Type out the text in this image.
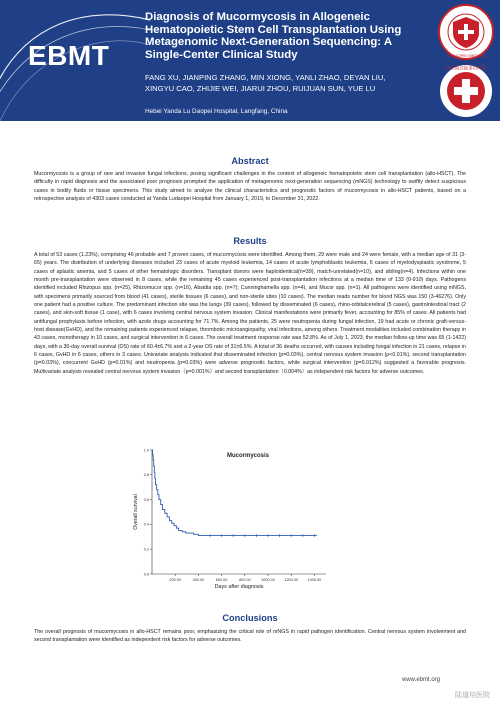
EBMT
Diagnosis of Mucormycosis in Allogeneic Hematopoietic Stem Cell Transplantation Using Metagenomic Next-Generation Sequencing: A Single-Center Clinical Study
FANG XU, JIANPING ZHANG, MIN XIONG, YANLI ZHAO, DEYAN LIU, XINGYU CAO, ZHIJIE WEI, JIARUI ZHOU, RUIJUAN SUN, YUE LU
Hebei Yanda Lu Daopei Hospital, Langfang, China
LU DAOPEI MEDICAL
河北燕达陆道培医院
Abstract
Mucormycosis is a group of rare and invasive fungal infections, posing significant challenges in the context of allogeneic hematopoietic stem cell transplantation (allo-HSCT). The difficulty in rapid diagnosis and the associated poor prognosis prompted the application of metagenomic next-generation sequencing (mNGS) technology to swiftly detect suspicious cases in bodily fluids or tissue specimens. This study aimed to analyze the clinical characteristics and prognostic factors of mucormycosis in allo-HSCT patients, based on a retrospective analysis of 4303 cases conducted at Yanda Ludaopei Hospital from January 1, 2019, to December 31, 2022.
Results
A total of 53 cases (1.23%), comprising 46 probable and 7 proven cases, of mucormycosis were identified. Among them, 29 were male and 24 were female, with a median age of 31 (3-65) years. The distribution of underlying diseases included 23 cases of acute myeloid leukemia, 14 cases of acute lymphoblastic leukemia, 6 cases of myelodysplastic syndrome, 5 cases of aplastic anemia, and 5 cases of other hematologic disorders. Transplant donors were haploidentical(n=39), match-unrelated(n=10), and sibling(n=4). Infections within one month pre-transplantation were observed in 8 cases, while the remaining 45 cases experienced post-transplantation infections at a median time of 133 (0-910) days. Pathogens identified included Rhizopus spp. (n=25), Rhizomucor spp. (n=16), Absidia spp. (n=7); Cunninghamella spp. (n=4), and Mucor spp. (n=1). All pathogens were identified using mNGS, with specimens primarily sourced from blood (41 cases), sterile tissues (6 cases), and non-sterile sites (10 cases). The median reads number for blood NGS was 150 (3-46276). Only one patient had a positive culture. The predominant infection site was the lungs (39 cases), followed by disseminated (6 cases), rhino-orbitalcerebral (5 cases), gastrointestinal tract (2 cases), and skin-soft tissue (1 case), with 6 cases involving central nervous system invasion. Clinical manifestations were primarily fever, accounting for 85% of cases. All patients had antifungal prophylaxis before infection, with azole drugs accounting for 71.7%. Among the patients, 25 were neutropenia during fungal infection, 19 had acute or chronic graft-versus-host disease(GvHD), and the remaining patients experienced relapse, thrombotic microangiopathy, viral infections, among others. Treatment modalities included combination therapy in 43 cases, monotherapy in 10 cases, and surgical intervention in 6 cases. The overall treatment response rate was 52.8%. As of July 1, 2023, the median follow-up time was 65 (1-1422) days, with a 30-day overall survival (OS) rate of 60.4±6.7% and a 2-year OS rate of 31±6.5%. A total of 36 deaths occurred, with causes including fungal infection in 21 cases, relapse in 6 cases, GvHD in 6 cases, others in 3 cases. Univariate analysis indicated that disseminated infection (p=0.03%), central nervous system invasion (p<0.01%), second transplantation (p=0.03%), concurrent GvHD (p=0.01%) and neutropenia (p=0.03%) were adverse prognostic factors, while surgical intervention (p=0.012%) suggested a favorable prognosis. Multivariate analysis revealed central nervous system invasion（p=0.001%）and second transplantation（0.004%）as independent risk factors for adverse outcomes.
Mucormycosis
200.00	400.00	600.00	800.00	1000.00 1200.00 1400.00
0.0
0.2
0.4
0.6
0.8
1.0
Overall survival
Days after diagnosis
Conclusions
The overall prognosis of mucormycosis in allo-HSCT remains poor, emphasizing the critical role of mNGS in rapid pathogen identification. Central nervous system involvement and second transplantation were identified as independent risk factors for adverse outcomes.
www.ebmt.org
陆道培医院
